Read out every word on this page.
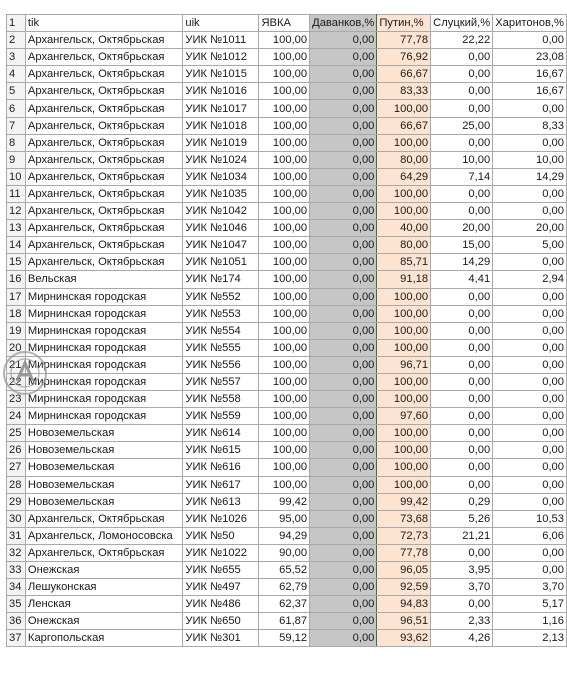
1	tik	uik	ЯВКА	Даванков,%	Путин,%	Слуцкий,%	Харитонов,%
2	Архангельск, Октябрьская	УИК №1011	100,00	0,00	77,78	22,22	0,00
3	Архангельск, Октябрьская	УИК №1012	100,00	0,00	76,92	0,00	23,08
4	Архангельск, Октябрьская	УИК №1015	100,00	0,00	66,67	0,00	16,67
5	Архангельск, Октябрьская	УИК №1016	100,00	0,00	83,33	0,00	16,67
6	Архангельск, Октябрьская	УИК №1017	100,00	0,00	100,00	0,00	0,00
7	Архангельск, Октябрьская	УИК №1018	100,00	0,00	66,67	25,00	8,33
8	Архангельск, Октябрьская	УИК №1019	100,00	0,00	100,00	0,00	0,00
9	Архангельск, Октябрьская	УИК №1024	100,00	0,00	80,00	10,00	10,00
10	Архангельск, Октябрьская	УИК №1034	100,00	0,00	64,29	7,14	14,29
11	Архангельск, Октябрьская	УИК №1035	100,00	0,00	100,00	0,00	0,00
12	Архангельск, Октябрьская	УИК №1042	100,00	0,00	100,00	0,00	0,00
13	Архангельск, Октябрьская	УИК №1046	100,00	0,00	40,00	20,00	20,00
14	Архангельск, Октябрьская	УИК №1047	100,00	0,00	80,00	15,00	5,00
15	Архангельск, Октябрьская	УИК №1051	100,00	0,00	85,71	14,29	0,00
16	Вельская	УИК №174	100,00	0,00	91,18	4,41	2,94
17	Мирнинская городская	УИК №552	100,00	0,00	100,00	0,00	0,00
18	Мирнинская городская	УИК №553	100,00	0,00	100,00	0,00	0,00
19	Мирнинская городская	УИК №554	100,00	0,00	100,00	0,00	0,00
20	Мирнинская городская	УИК №555	100,00	0,00	100,00	0,00	0,00
21	Мирнинская городская	УИК №556	100,00	0,00	96,71	0,00	0,00
22	Мирнинская городская	УИК №557	100,00	0,00	100,00	0,00	0,00
23	Мирнинская городская	УИК №558	100,00	0,00	100,00	0,00	0,00
24	Мирнинская городская	УИК №559	100,00	0,00	97,60	0,00	0,00
25	Новоземельская	УИК №614	100,00	0,00	100,00	0,00	0,00
26	Новоземельская	УИК №615	100,00	0,00	100,00	0,00	0,00
27	Новоземельская	УИК №616	100,00	0,00	100,00	0,00	0,00
28	Новоземельская	УИК №617	100,00	0,00	100,00	0,00	0,00
29	Новоземельская	УИК №613	99,42	0,00	99,42	0,29	0,00
30	Архангельск, Октябрьская	УИК №1026	95,00	0,00	73,68	5,26	10,53
31	Архангельск, Ломоносовска	УИК №50	94,29	0,00	72,73	21,21	6,06
32	Архангельск, Октябрьская	УИК №1022	90,00	0,00	77,78	0,00	0,00
33	Онежская	УИК №655	65,52	0,00	96,05	3,95	0,00
34	Лешуконская	УИК №497	62,79	0,00	92,59	3,70	3,70
35	Ленская	УИК №486	62,37	0,00	94,83	0,00	5,17
36	Онежская	УИК №650	61,87	0,00	96,51	2,33	1,16
37	Каргопольская	УИК №301	59,12	0,00	93,62	4,26	2,13
